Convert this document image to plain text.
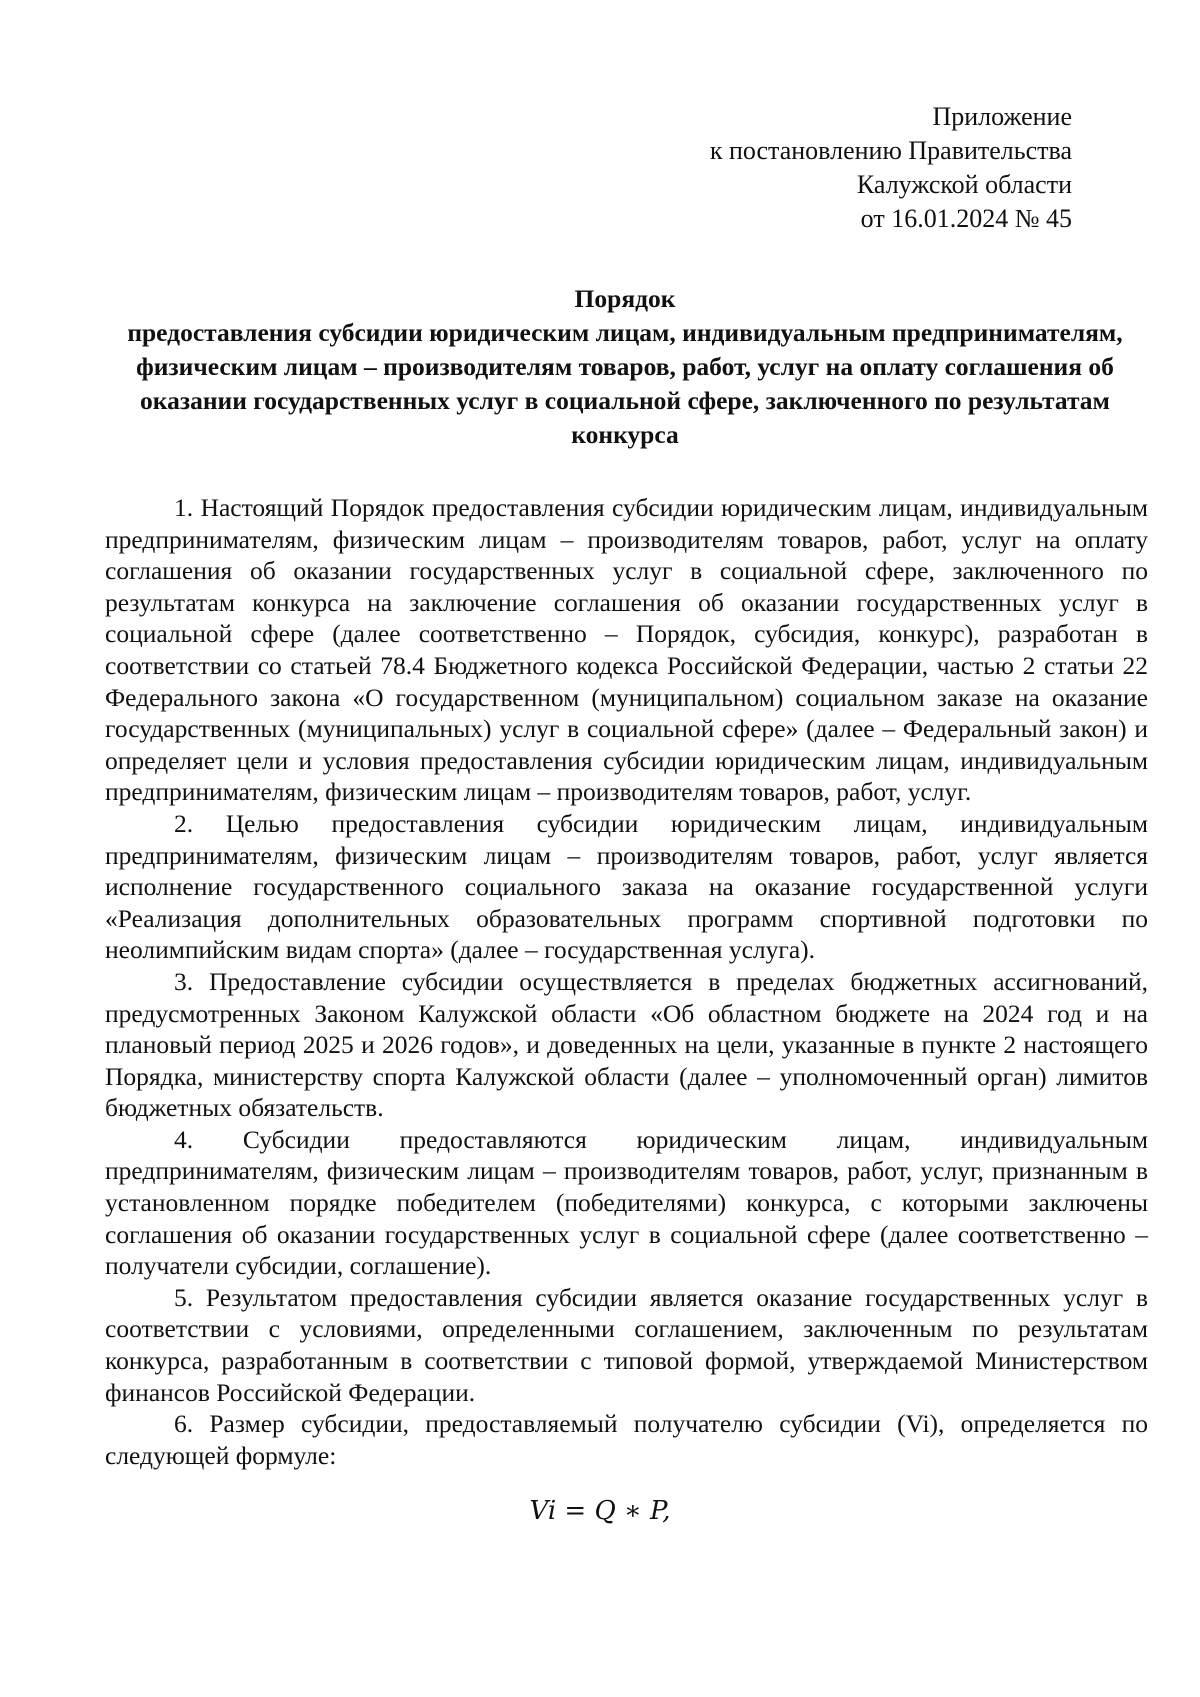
Приложение
к постановлению Правительства
Калужской области
от 16.01.2024 № 45
Порядок
предоставления субсидии юридическим лицам, индивидуальным предпринимателям, физическим лицам – производителям товаров, работ, услуг на оплату соглашения об оказании государственных услуг в социальной сфере, заключенного по результатам конкурса

1. Настоящий Порядок предоставления субсидии юридическим лицам, индивидуальным предпринимателям, физическим лицам – производителям товаров, работ, услуг на оплату соглашения об оказании государственных услуг в социальной сфере, заключенного по результатам конкурса на заключение соглашения об оказании государственных услуг в социальной сфере (далее соответственно – Порядок, субсидия, конкурс), разработан в соответствии со статьей 78.4 Бюджетного кодекса Российской Федерации, частью 2 статьи 22 Федерального закона «О государственном (муниципальном) социальном заказе на оказание государственных (муниципальных) услуг в социальной сфере» (далее – Федеральный закон) и определяет цели и условия предоставления субсидии юридическим лицам, индивидуальным предпринимателям, физическим лицам – производителям товаров, работ, услуг.

2. Целью предоставления субсидии юридическим лицам, индивидуальным предпринимателям, физическим лицам – производителям товаров, работ, услуг является исполнение государственного социального заказа на оказание государственной услуги «Реализация дополнительных образовательных программ спортивной подготовки по неолимпийским видам спорта» (далее – государственная услуга).

3. Предоставление субсидии осуществляется в пределах бюджетных ассигнований, предусмотренных Законом Калужской области «Об областном бюджете на 2024 год и на плановый период 2025 и 2026 годов», и доведенных на цели, указанные в пункте 2 настоящего Порядка, министерству спорта Калужской области (далее – уполномоченный орган) лимитов бюджетных обязательств.

4. Субсидии предоставляются юридическим лицам, индивидуальным предпринимателям, физическим лицам – производителям товаров, работ, услуг, признанным в установленном порядке победителем (победителями) конкурса, с которыми заключены соглашения об оказании государственных услуг в социальной сфере (далее соответственно – получатели субсидии, соглашение).

5. Результатом предоставления субсидии является оказание государственных услуг в соответствии с условиями, определенными соглашением, заключенным по результатам конкурса, разработанным в соответствии с типовой формой, утверждаемой Министерством финансов Российской Федерации.

6. Размер субсидии, предоставляемый получателю субсидии (Vi), определяется по следующей формуле:

Vi = Q ∗ P,
